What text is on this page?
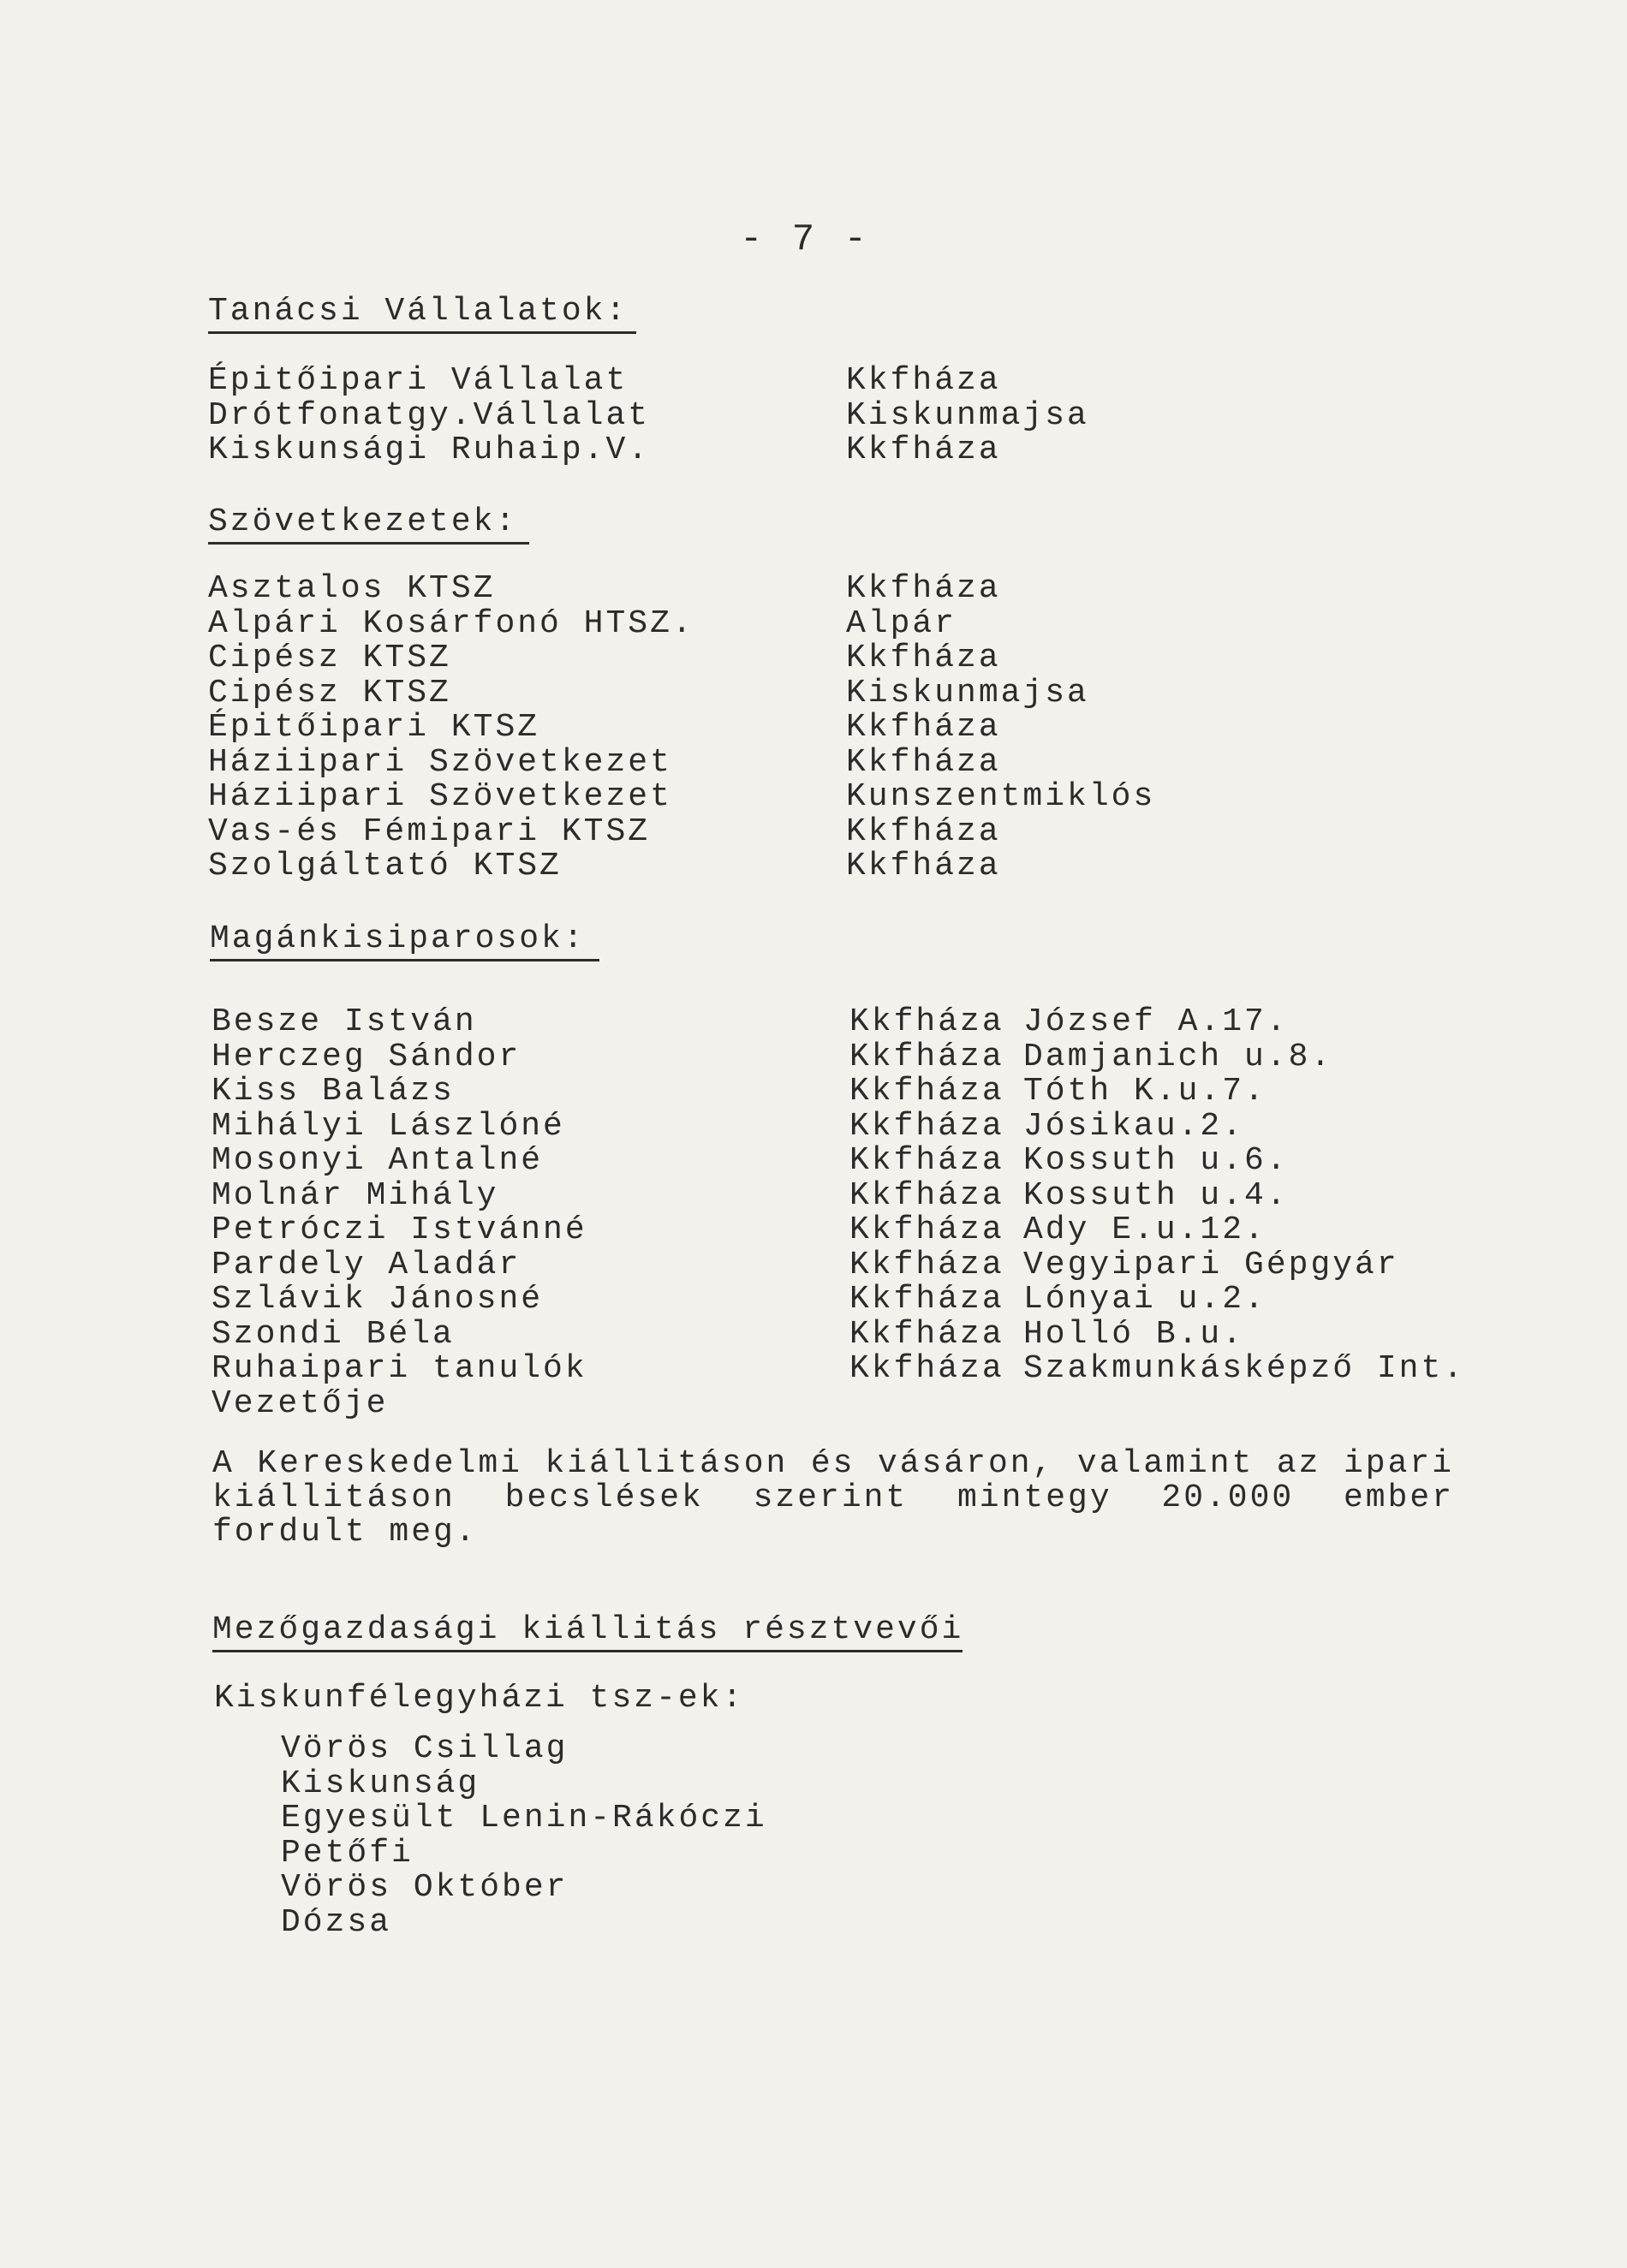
- 7 -
Tanácsi Vállalatok:
Épitőipari Vállalat	Kkfháza
Drótfonatgy.Vállalat	Kiskunmajsa
Kiskunsági Ruhaip.V.	Kkfháza
Szövetkezetek:
Asztalos KTSZ	Kkfháza
Alpári Kosárfonó HTSZ.	Alpár
Cipész KTSZ	Kkfháza
Cipész KTSZ	Kiskunmajsa
Épitőipari KTSZ	Kkfháza
Háziipari Szövetkezet	Kkfháza
Háziipari Szövetkezet	Kunszentmiklós
Vas-és Fémipari KTSZ	Kkfháza
Szolgáltató KTSZ	Kkfháza
Magánkisiparosok:
Besze István	Kkfháza József A.17.
Herczeg Sándor	Kkfháza Damjanich u.8.
Kiss Balázs	Kkfháza Tóth K.u.7.
Mihályi Lászlóné	Kkfháza Jósikau.2.
Mosonyi Antalné	Kkfháza Kossuth u.6.
Molnár Mihály	Kkfháza Kossuth u.4.
Petróczi Istvánné	Kkfháza Ady E.u.12.
Pardely Aladár	Kkfháza Vegyipari Gépgyár
Szlávik Jánosné	Kkfháza Lónyai u.2.
Szondi Béla	Kkfháza Holló B.u.
Ruhaipari tanulók	Kkfháza Szakmunkásképző Int.
Vezetője
A Kereskedelmi kiállitáson és vásáron, valamint az ipari kiállitáson becslések szerint mintegy 20.000 ember fordult meg.
Mezőgazdasági kiállitás résztvevői
Kiskunfélegyházi tsz-ek:
Vörös Csillag
Kiskunság
Egyesült Lenin-Rákóczi
Petőfi
Vörös Október
Dózsa
